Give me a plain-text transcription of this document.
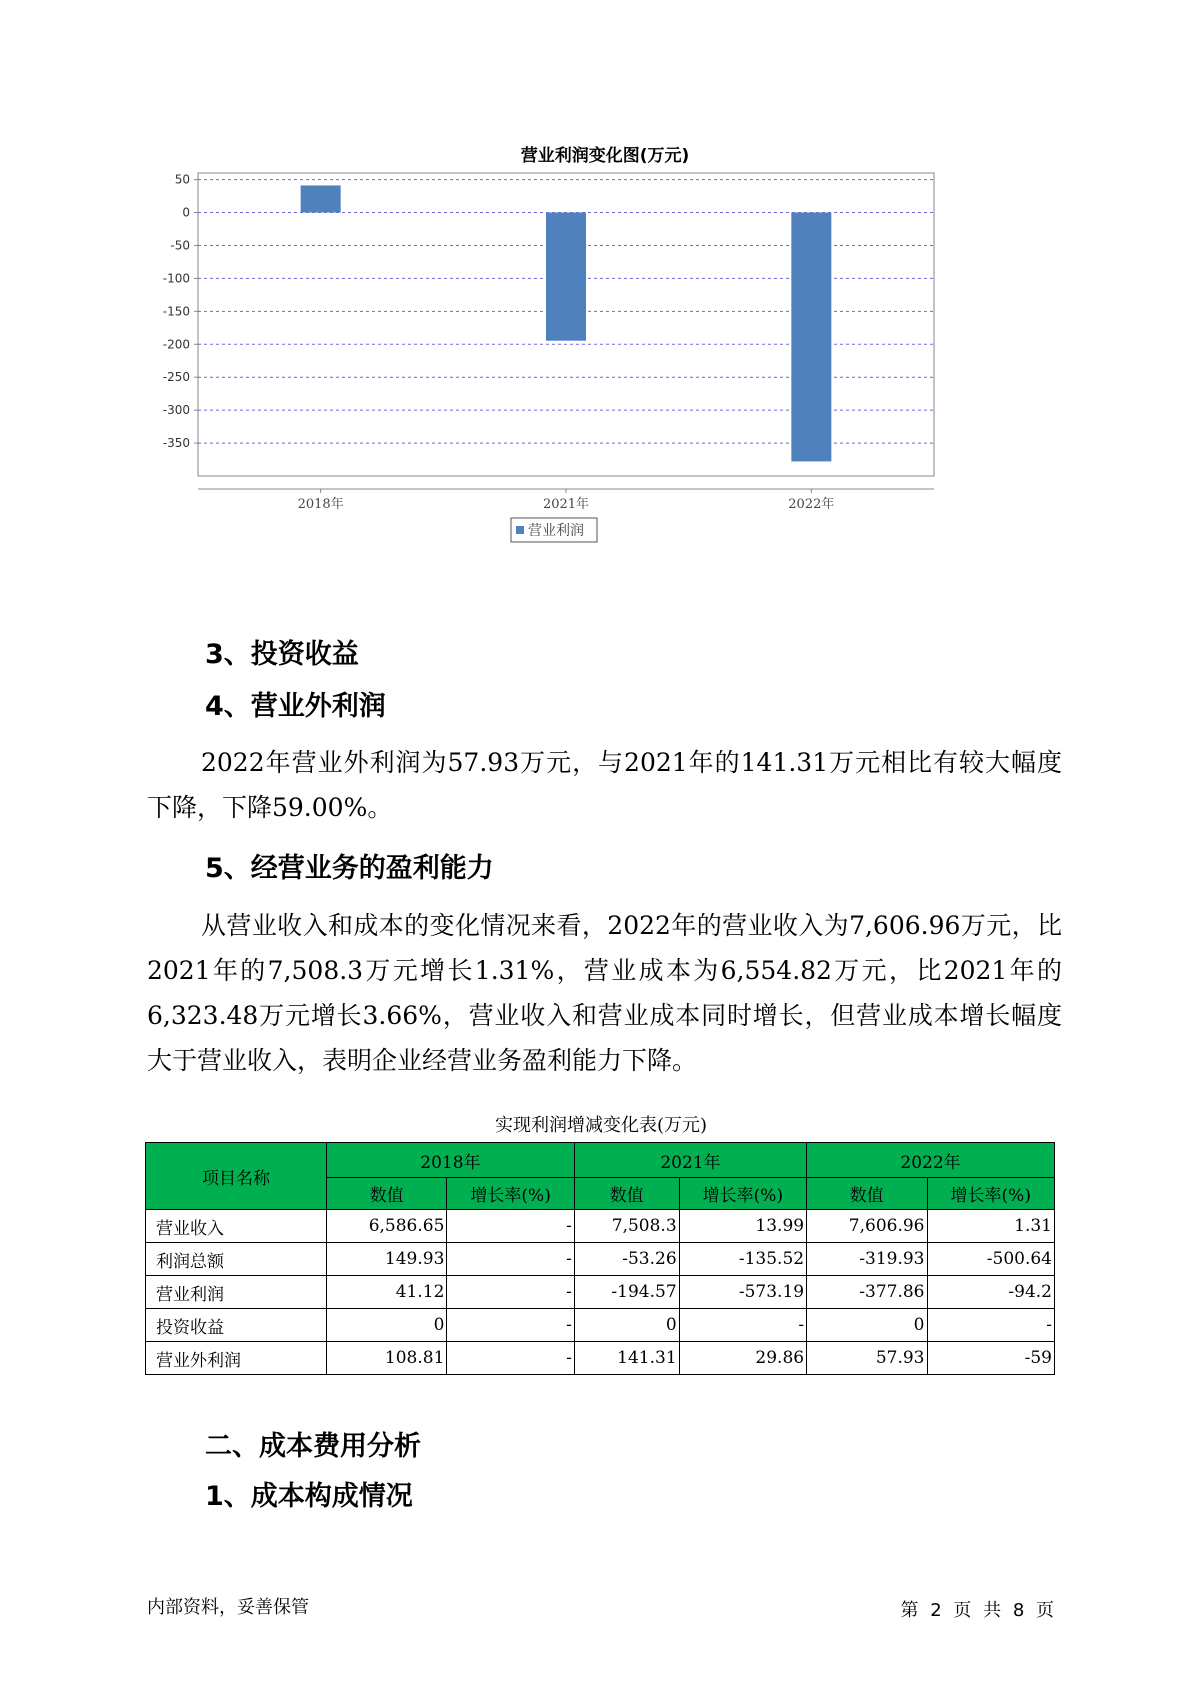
营业利润变化图(万元)
50
0
-50
-100
-150
-200
-250
-300
-350
2018年	2021年	2022年
营业利润
3、投资收益
4、营业外利润

2022年营业外利润为57.93万元，与2021年的141.31万元相比有较大幅度下降，下降59.00%。

5、经营业务的盈利能力

从营业收入和成本的变化情况来看，2022年的营业收入为7,606.96万元，比2021年的7,508.3万元增长1.31%，营业成本为6,554.82万元，比2021年的6,323.48万元增长3.66%，营业收入和营业成本同时增长，但营业成本增长幅度大于营业收入，表明企业经营业务盈利能力下降。

实现利润增减变化表(万元)

项目名称	2018年		2021年		2022年	
	数值	增长率(%)	数值	增长率(%)	数值	增长率(%)
营业收入	6,586.65	-	7,508.3	13.99	7,606.96	1.31
利润总额	149.93	-	-53.26	-135.52	-319.93	-500.64
营业利润	41.12	-	-194.57	-573.19	-377.86	-94.2
投资收益	0	-	0	-	0	-
营业外利润	108.81	-	141.31	29.86	57.93	-59
二、成本费用分析
1、成本构成情况

内部资料，妥善保管	第 2 页 共 8 页
